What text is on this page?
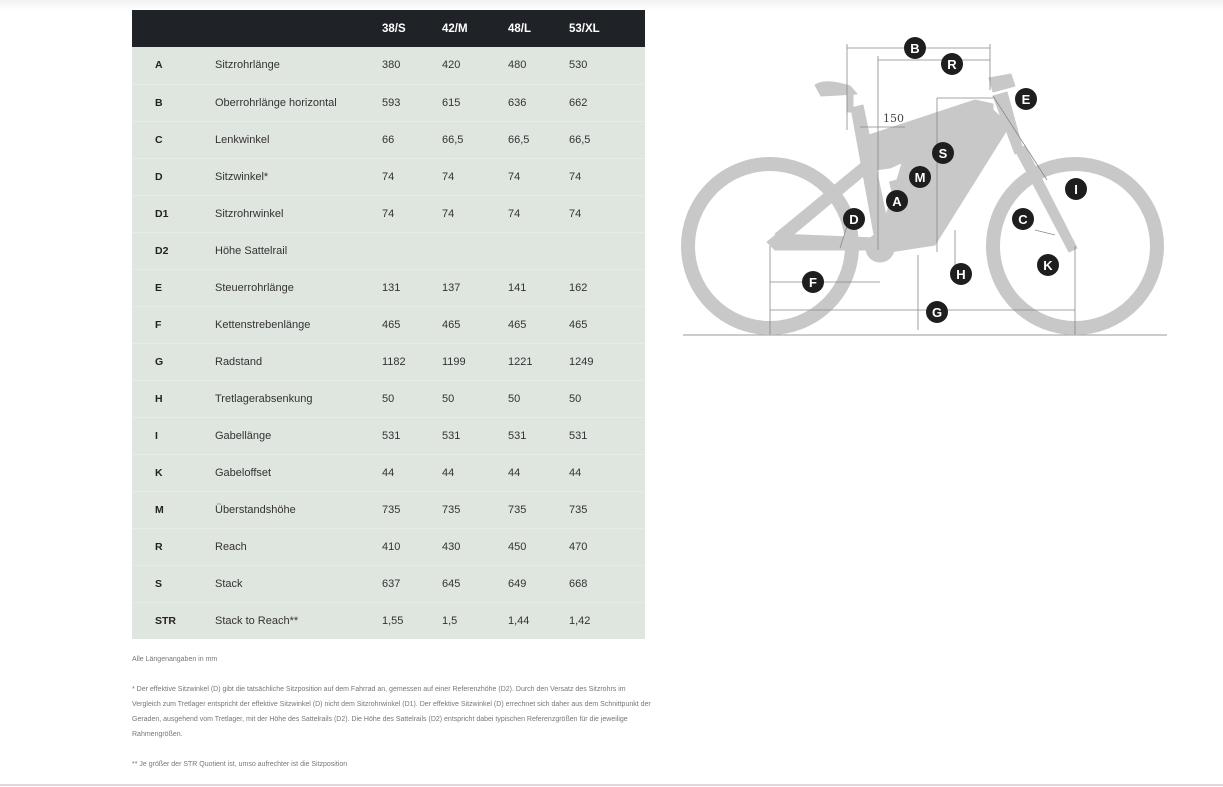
		38/S	42/M	48/L	53/XL
A	Sitzrohrlänge	380	420	480	530
B	Oberrohrlänge horizontal	593	615	636	662
C	Lenkwinkel	66	66,5	66,5	66,5
D	Sitzwinkel*	74	74	74	74
D1	Sitzrohrwinkel	74	74	74	74
D2	Höhe Sattelrail				
E	Steuerrohrlänge	131	137	141	162
F	Kettenstrebenlänge	465	465	465	465
G	Radstand	1182	1199	1221	1249
H	Tretlagerabsenkung	50	50	50	50
I	Gabellänge	531	531	531	531
K	Gabeloffset	44	44	44	44
M	Überstandshöhe	735	735	735	735
R	Reach	410	430	450	470
S	Stack	637	645	649	668
STR	Stack to Reach**	1,55	1,5	1,44	1,42

Alle Längenangaben in mm

* Der effektive Sitzwinkel (D) gibt die tatsächliche Sitzposition auf dem Fahrrad an, gemessen auf einer Referenzhöhe (D2). Durch den Versatz des Sitzrohrs im Vergleich zum Tretlager entspricht der effektive Sitzwinkel (D) nicht dem Sitzrohrwinkel (D1). Der effektive Sitzwinkel (D) errechnet sich daher aus dem Schnittpunkt der Geraden, ausgehend vom Tretlager, mit der Höhe des Sattelrails (D2). Die Höhe des Sattelrails (D2) entspricht dabei typischen Referenzgrößen für die jeweilige Rahmengrößen.

** Je größer der STR Quotient ist, umso aufrechter ist die Sitzposition

150
B
R
E
S
M
A
D
I
C
K
F
H
G
